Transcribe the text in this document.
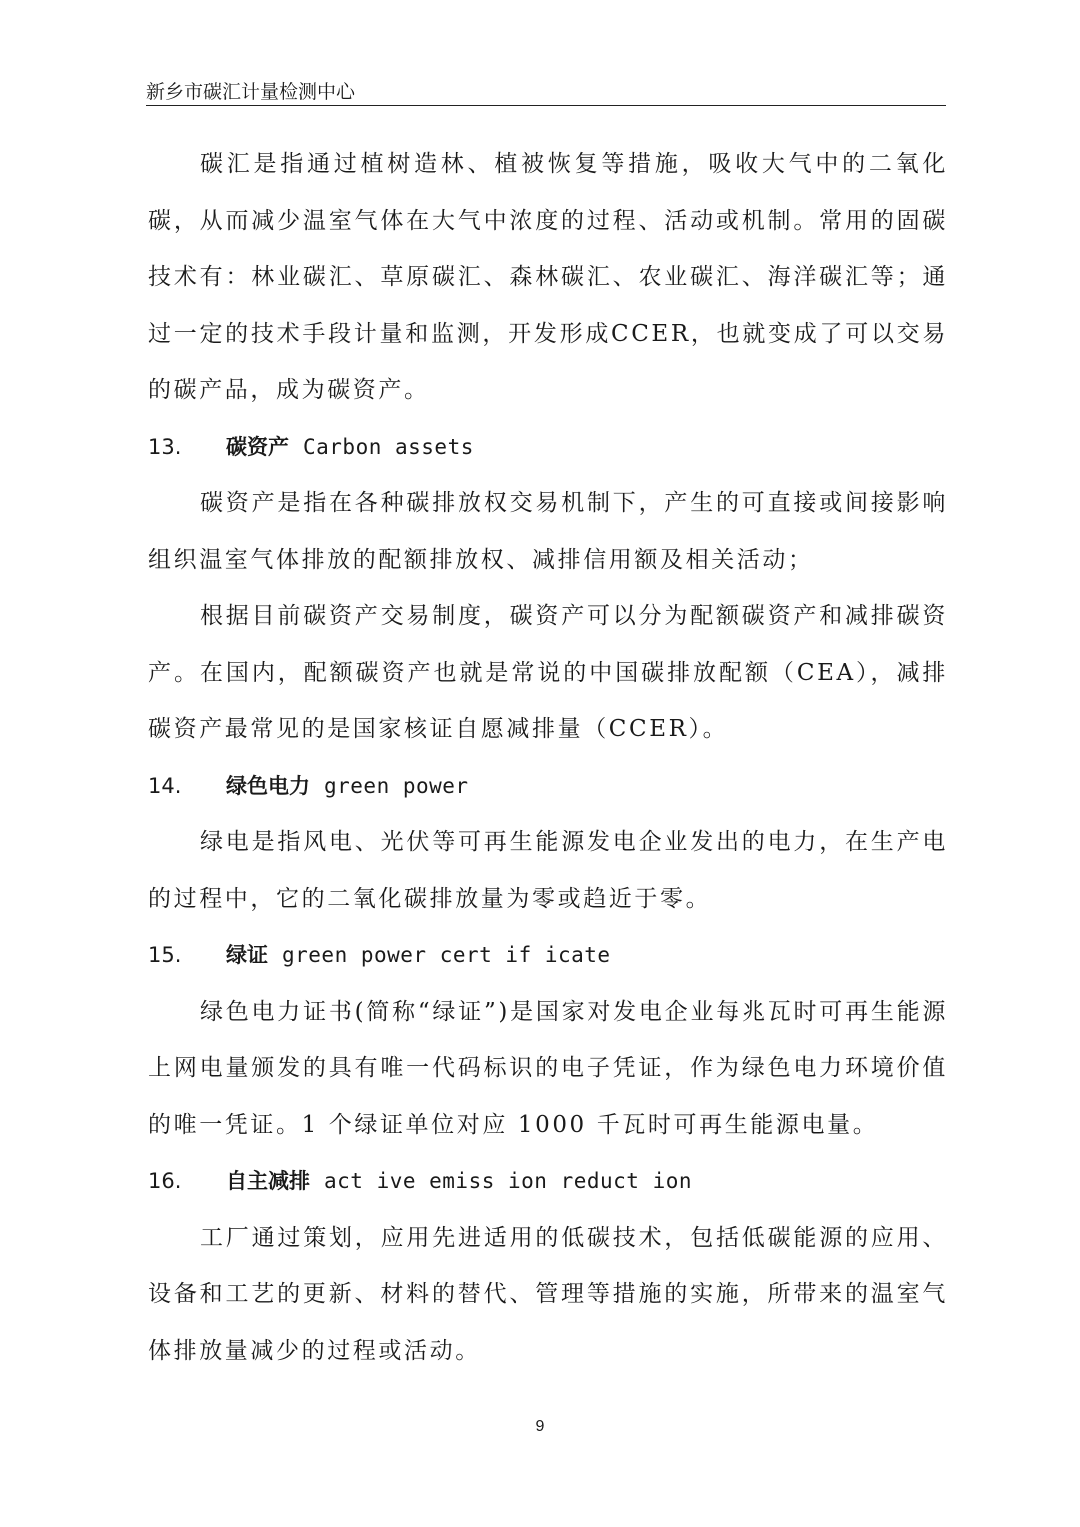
新乡市碳汇计量检测中心

碳汇是指通过植树造林、植被恢复等措施，吸收大气中的二氧化碳，从而减少温室气体在大气中浓度的过程、活动或机制。常用的固碳技术有：林业碳汇、草原碳汇、森林碳汇、农业碳汇、海洋碳汇等；通过一定的技术手段计量和监测，开发形成CCER，也就变成了可以交易的碳产品，成为碳资产。

13. 碳资产 Carbon assets

碳资产是指在各种碳排放权交易机制下，产生的可直接或间接影响组织温室气体排放的配额排放权、减排信用额及相关活动；

根据目前碳资产交易制度，碳资产可以分为配额碳资产和减排碳资产。在国内，配额碳资产也就是常说的中国碳排放配额（CEA），减排碳资产最常见的是国家核证自愿减排量（CCER）。

14. 绿色电力 green power

绿电是指风电、光伏等可再生能源发电企业发出的电力，在生产电的过程中，它的二氧化碳排放量为零或趋近于零。

15. 绿证 green power cert if icate

绿色电力证书(简称“绿证”)是国家对发电企业每兆瓦时可再生能源上网电量颁发的具有唯一代码标识的电子凭证，作为绿色电力环境价值的唯一凭证。1 个绿证单位对应 1000 千瓦时可再生能源电量。

16. 自主减排 act ive emiss ion reduct ion

工厂通过策划，应用先进适用的低碳技术，包括低碳能源的应用、设备和工艺的更新、材料的替代、管理等措施的实施，所带来的温室气体排放量减少的过程或活动。

9
